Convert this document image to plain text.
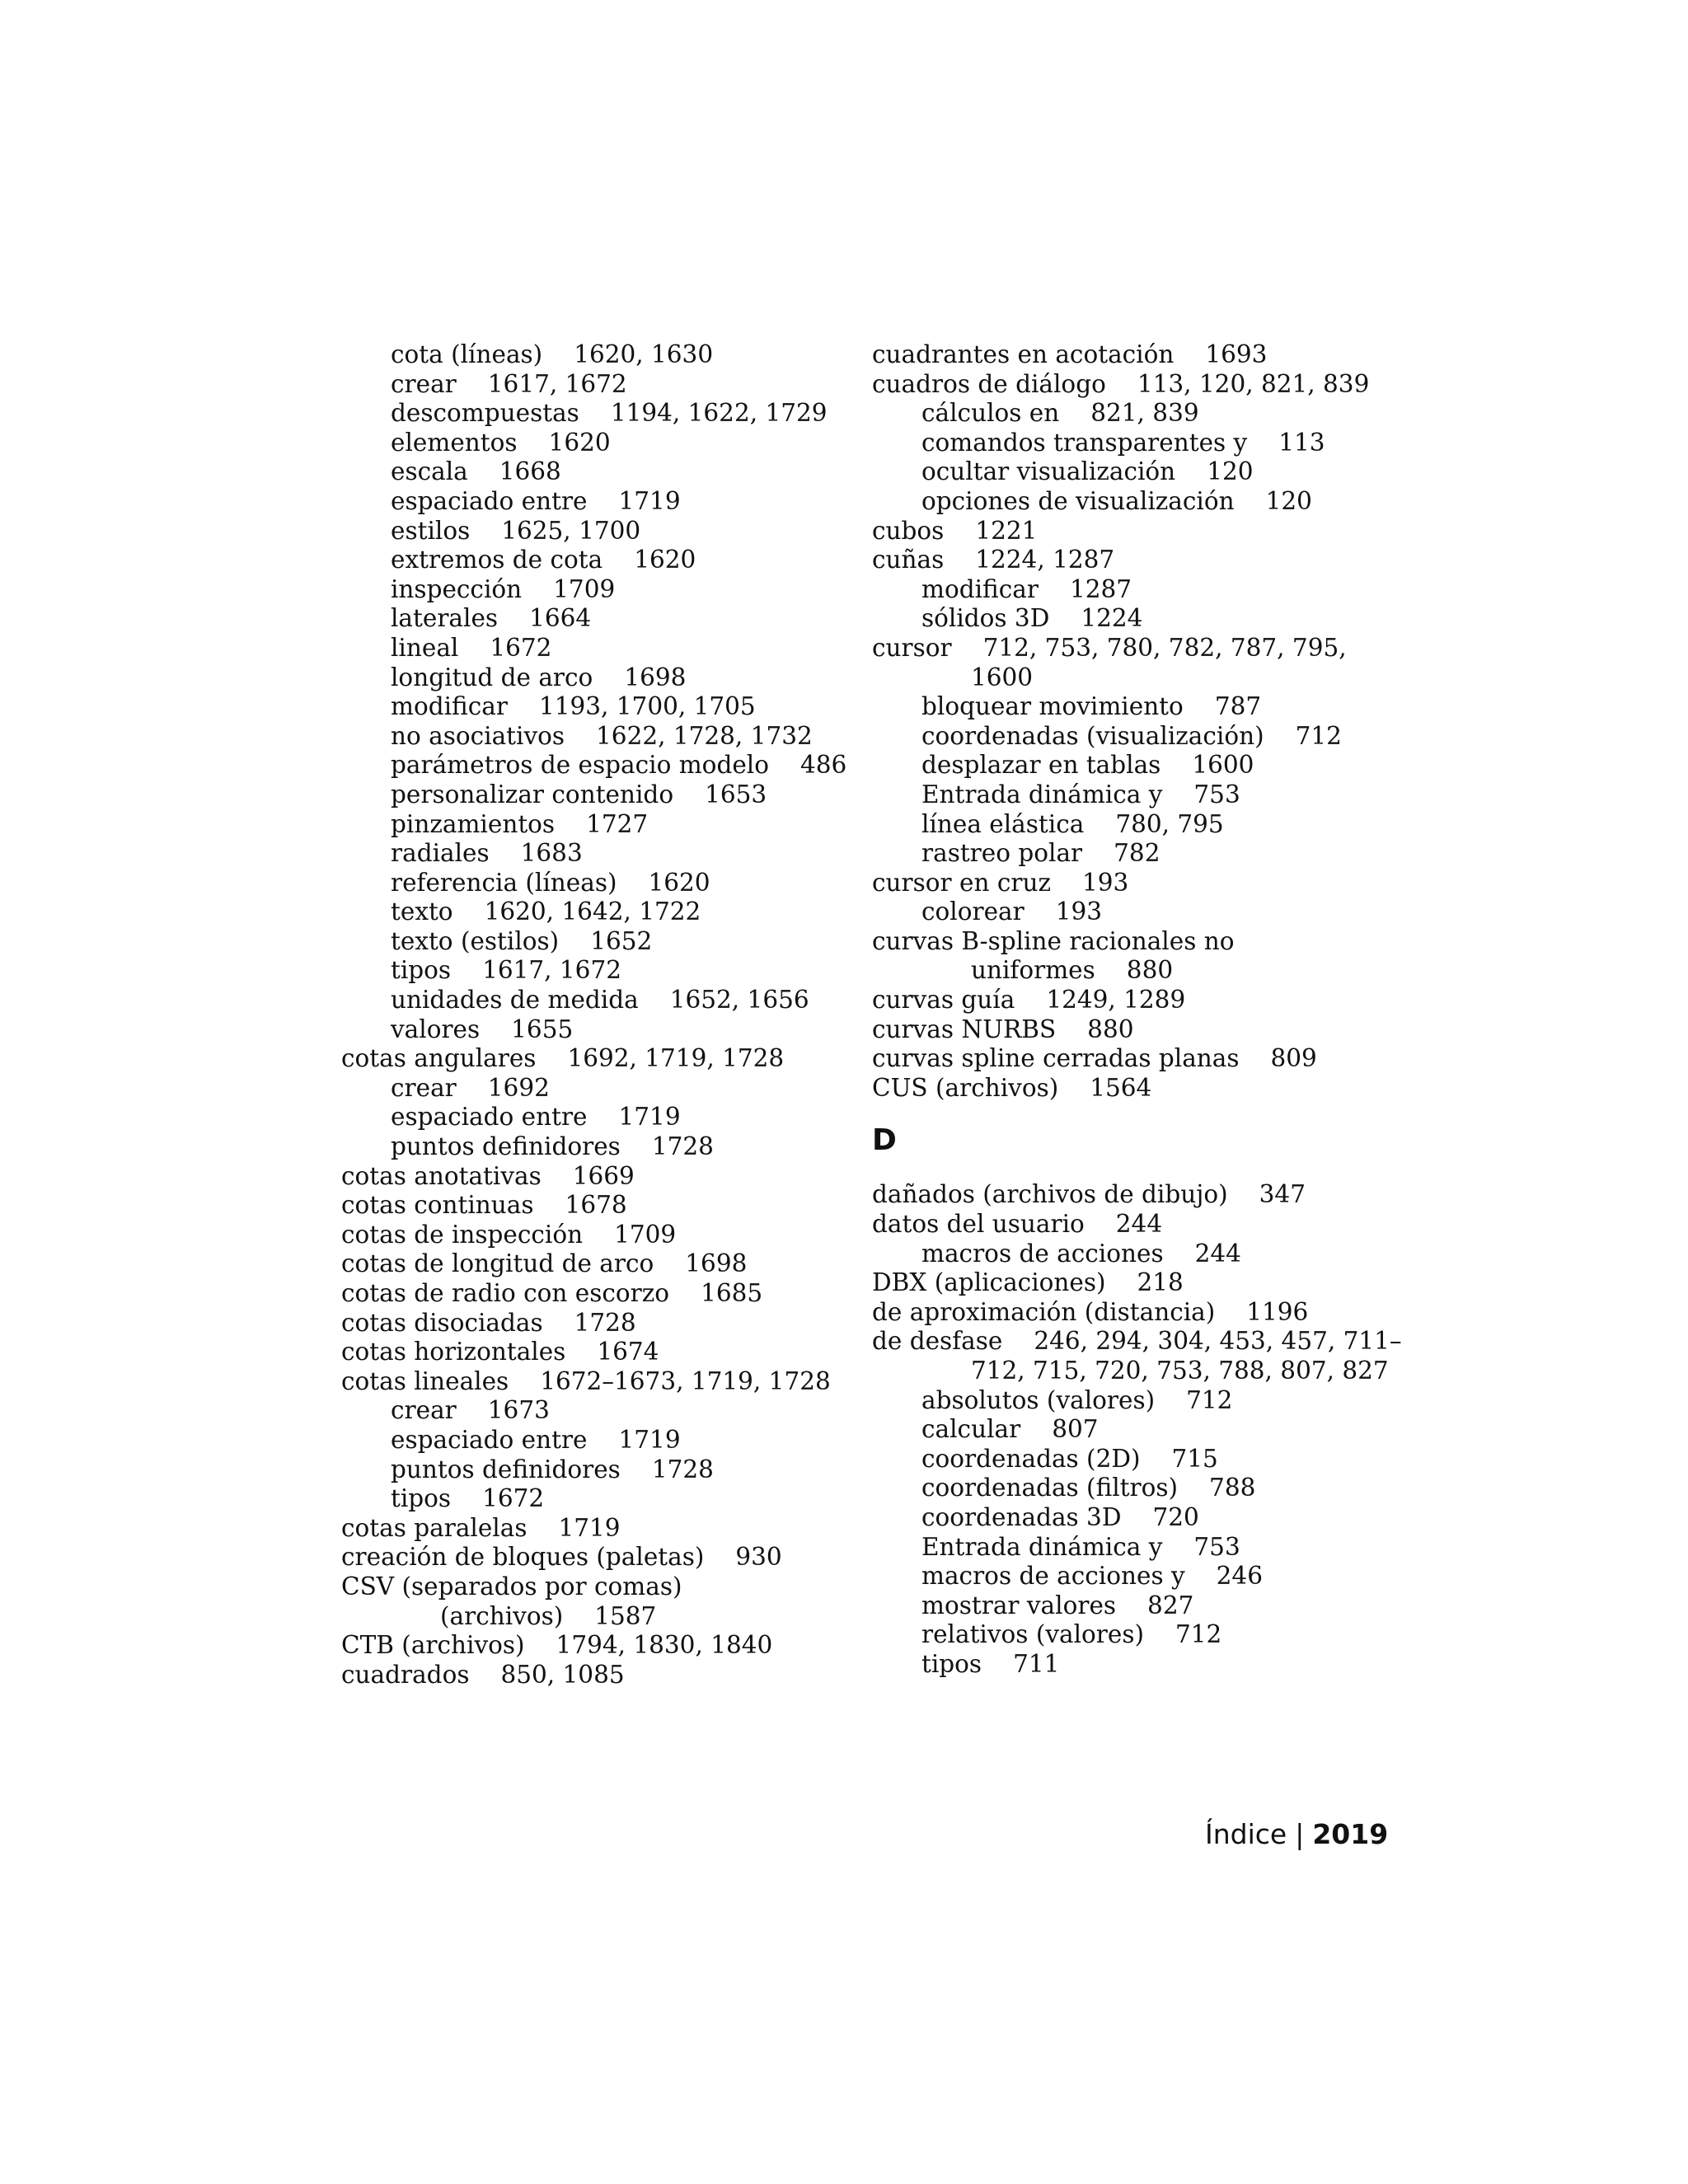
cota (líneas) 1620, 1630
crear 1617, 1672
descompuestas 1194, 1622, 1729
elementos 1620
escala 1668
espaciado entre 1719
estilos 1625, 1700
extremos de cota 1620
inspección 1709
laterales 1664
lineal 1672
longitud de arco 1698
modificar 1193, 1700, 1705
no asociativos 1622, 1728, 1732
parámetros de espacio modelo 486
personalizar contenido 1653
pinzamientos 1727
radiales 1683
referencia (líneas) 1620
texto 1620, 1642, 1722
texto (estilos) 1652
tipos 1617, 1672
unidades de medida 1652, 1656
valores 1655
cotas angulares 1692, 1719, 1728
crear 1692
espaciado entre 1719
puntos definidores 1728
cotas anotativas 1669
cotas continuas 1678
cotas de inspección 1709
cotas de longitud de arco 1698
cotas de radio con escorzo 1685
cotas disociadas 1728
cotas horizontales 1674
cotas lineales 1672–1673, 1719, 1728
crear 1673
espaciado entre 1719
puntos definidores 1728
tipos 1672
cotas paralelas 1719
creación de bloques (paletas) 930
CSV (separados por comas)
(archivos) 1587
CTB (archivos) 1794, 1830, 1840
cuadrados 850, 1085
cuadrantes en acotación 1693
cuadros de diálogo 113, 120, 821, 839
cálculos en 821, 839
comandos transparentes y 113
ocultar visualización 120
opciones de visualización 120
cubos 1221
cuñas 1224, 1287
modificar 1287
sólidos 3D 1224
cursor 712, 753, 780, 782, 787, 795,
1600
bloquear movimiento 787
coordenadas (visualización) 712
desplazar en tablas 1600
Entrada dinámica y 753
línea elástica 780, 795
rastreo polar 782
cursor en cruz 193
colorear 193
curvas B-spline racionales no
uniformes 880
curvas guía 1249, 1289
curvas NURBS 880
curvas spline cerradas planas 809
CUS (archivos) 1564
D
dañados (archivos de dibujo) 347
datos del usuario 244
macros de acciones 244
DBX (aplicaciones) 218
de aproximación (distancia) 1196
de desfase 246, 294, 304, 453, 457, 711–
712, 715, 720, 753, 788, 807, 827
absolutos (valores) 712
calcular 807
coordenadas (2D) 715
coordenadas (filtros) 788
coordenadas 3D 720
Entrada dinámica y 753
macros de acciones y 246
mostrar valores 827
relativos (valores) 712
tipos 711
Índice | 2019
